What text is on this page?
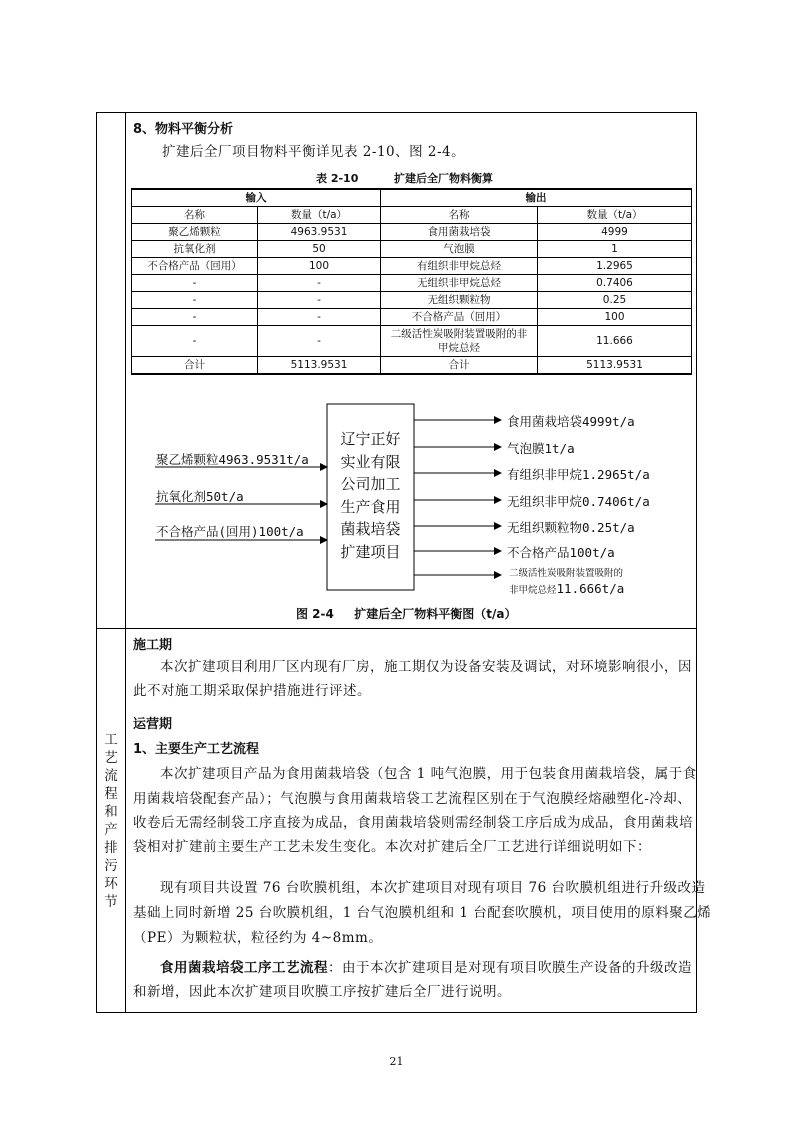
8、物料平衡分析
扩建后全厂项目物料平衡详见表 2-10、图 2-4。
表 2-10	扩建后全厂物料衡算
输入		输出	
名称	数量（t/a）	名称	数量（t/a）
聚乙烯颗粒	4963.9531	食用菌栽培袋	4999
抗氧化剂	50	气泡膜	1
不合格产品（回用）	100	有组织非甲烷总烃	1.2965
-	-	无组织非甲烷总烃	0.7406
-	-	无组织颗粒物	0.25
-	-	不合格产品（回用）	100
-	-	二级活性炭吸附装置吸附的非甲烷总烃	11.666
合计	5113.9531	合计	5113.9531
辽宁正好
实业有限
公司加工
生产食用
菌栽培袋
扩建项目
聚乙烯颗粒4963.9531t/a
抗氧化剂50t/a
不合格产品(回用)100t/a
食用菌栽培袋4999t/a
气泡膜1t/a
有组织非甲烷1.2965t/a
无组织非甲烷0.7406t/a
无组织颗粒物0.25t/a
不合格产品100t/a
二级活性炭吸附装置吸附的
非甲烷总烃11.666t/a
图 2-4 扩建后全厂物料平衡图（t/a）
工
艺
流
程
和
产
排
污
环
节
施工期
本次扩建项目利用厂区内现有厂房，施工期仅为设备安装及调试，对环境影响很小，因
此不对施工期采取保护措施进行评述。
运营期
1、主要生产工艺流程
本次扩建项目产品为食用菌栽培袋（包含 1 吨气泡膜，用于包装食用菌栽培袋，属于食
用菌栽培袋配套产品）；气泡膜与食用菌栽培袋工艺流程区别在于气泡膜经熔融塑化-冷却、
收卷后无需经制袋工序直接为成品，食用菌栽培袋则需经制袋工序后成为成品，食用菌栽培
袋相对扩建前主要生产工艺未发生变化。本次对扩建后全厂工艺进行详细说明如下：
现有项目共设置 76 台吹膜机组，本次扩建项目对现有项目 76 台吹膜机组进行升级改造
基础上同时新增 25 台吹膜机组，1 台气泡膜机组和 1 台配套吹膜机，项目使用的原料聚乙烯
（PE）为颗粒状，粒径约为 4~8mm。
食用菌栽培袋工序工艺流程：由于本次扩建项目是对现有项目吹膜生产设备的升级改造
和新增，因此本次扩建项目吹膜工序按扩建后全厂进行说明。
21
